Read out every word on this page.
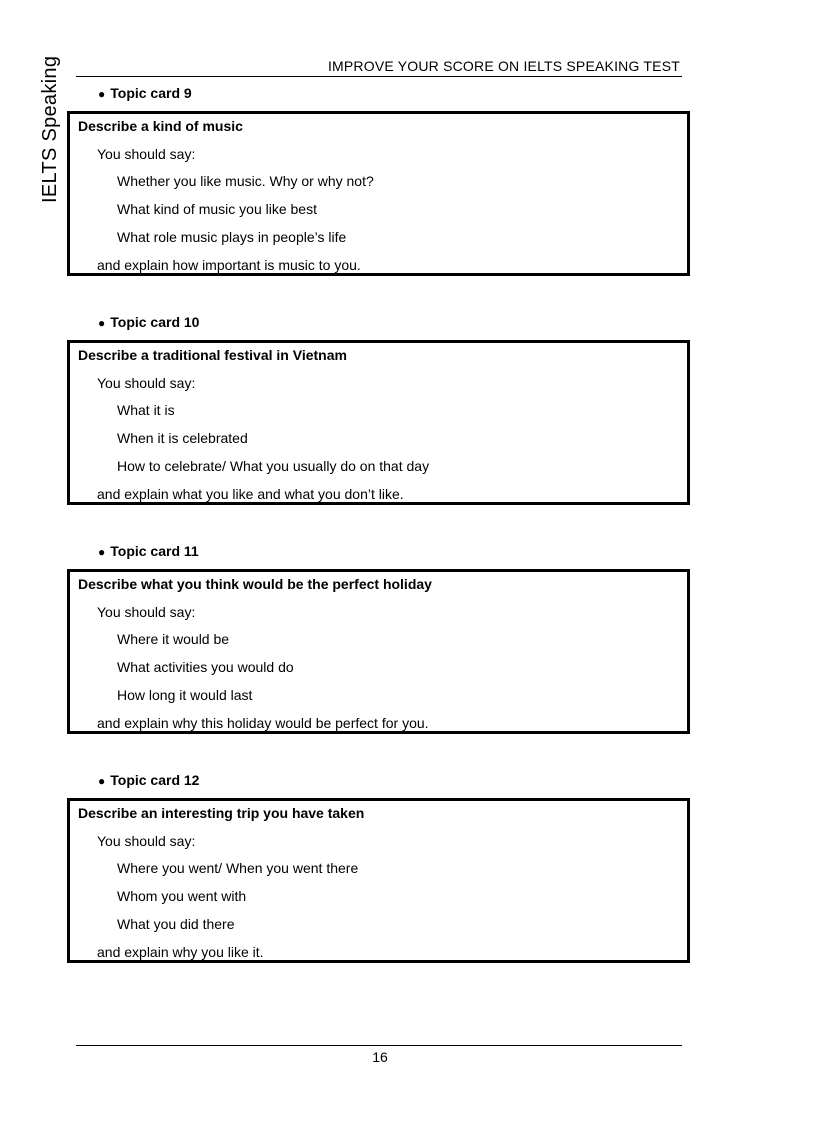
IMPROVE YOUR SCORE ON IELTS SPEAKING TEST
IELTS Speaking	● Topic card 9
Describe a kind of music
You should say:
Whether you like music. Why or why not?
What kind of music you like best
What role music plays in people’s life
and explain how important is music to you.
● Topic card 10
Describe a traditional festival in Vietnam
You should say:
What it is
When it is celebrated
How to celebrate/ What you usually do on that day
and explain what you like and what you don’t like.
● Topic card 11
Describe what you think would be the perfect holiday
You should say:
Where it would be
What activities you would do
How long it would last
and explain why this holiday would be perfect for you.
● Topic card 12
Describe an interesting trip you have taken
You should say:
Where you went/ When you went there
Whom you went with
What you did there
and explain why you like it.
16
